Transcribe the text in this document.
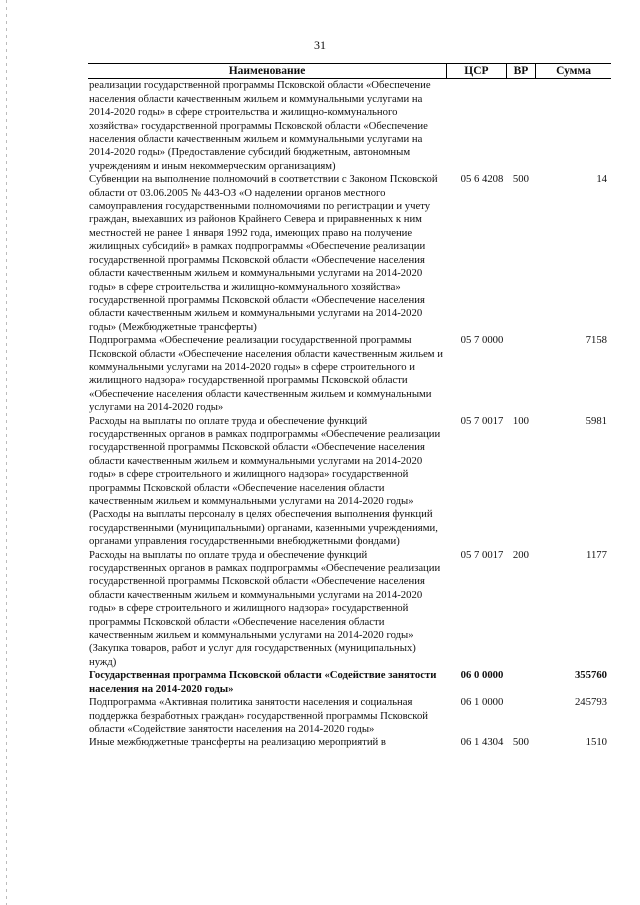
31
Наименование	ЦСР	ВР	Сумма
реализации государственной программы Псковской области «Обеспечение населения области качественным жильем и коммунальными услугами на 2014-2020 годы» в сфере строительства и жилищно-коммунального хозяйства» государственной программы Псковской области «Обеспечение населения области качественным жильем и коммунальными услугами на 2014-2020 годы» (Предоставление субсидий бюджетным, автономным учреждениям и иным некоммерческим организациям)			
Субвенции на выполнение полномочий в соответствии с Законом Псковской области от 03.06.2005 № 443-ОЗ «О наделении органов местного самоуправления государственными полномочиями по регистрации и учету граждан, выехавших из районов Крайнего Севера и приравненных к ним местностей не ранее 1 января 1992 года, имеющих право на получение жилищных субсидий» в рамках подпрограммы «Обеспечение реализации государственной программы Псковской области «Обеспечение населения области качественным жильем и коммунальными услугами на 2014-2020 годы» в сфере строительства и жилищно-коммунального хозяйства» государственной программы Псковской области «Обеспечение населения области качественным жильем и коммунальными услугами на 2014-2020 годы» (Межбюджетные трансферты)	05 6 4208	500	14
Подпрограмма «Обеспечение реализации государственной программы Псковской области «Обеспечение населения области качественным жильем и коммунальными услугами на 2014-2020 годы» в сфере строительного и жилищного надзора» государственной программы Псковской области «Обеспечение населения области качественным жильем и коммунальными услугами на 2014-2020 годы»	05 7 0000		7158
Расходы на выплаты по оплате труда и обеспечение функций государственных органов в рамках подпрограммы «Обеспечение реализации государственной программы Псковской области «Обеспечение населения области качественным жильем и коммунальными услугами на 2014-2020 годы» в сфере строительного и жилищного надзора» государственной программы Псковской области «Обеспечение населения области качественным жильем и коммунальными услугами на 2014-2020 годы» (Расходы на выплаты персоналу в целях обеспечения выполнения функций государственными (муниципальными) органами, казенными учреждениями, органами управления государственными внебюджетными фондами)	05 7 0017	100	5981
Расходы на выплаты по оплате труда и обеспечение функций государственных органов в рамках подпрограммы «Обеспечение реализации государственной программы Псковской области «Обеспечение населения области качественным жильем и коммунальными услугами на 2014-2020 годы» в сфере строительного и жилищного надзора» государственной программы Псковской области «Обеспечение населения области качественным жильем и коммунальными услугами на 2014-2020 годы» (Закупка товаров, работ и услуг для государственных (муниципальных) нужд)	05 7 0017	200	1177
Государственная программа Псковской области «Содействие занятости населения на 2014-2020 годы»	06 0 0000		355760
Подпрограмма «Активная политика занятости населения и социальная поддержка безработных граждан» государственной программы Псковской области «Содействие занятости населения на 2014-2020 годы»	06 1 0000		245793
Иные межбюджетные трансферты на реализацию мероприятий в	06 1 4304	500	1510
